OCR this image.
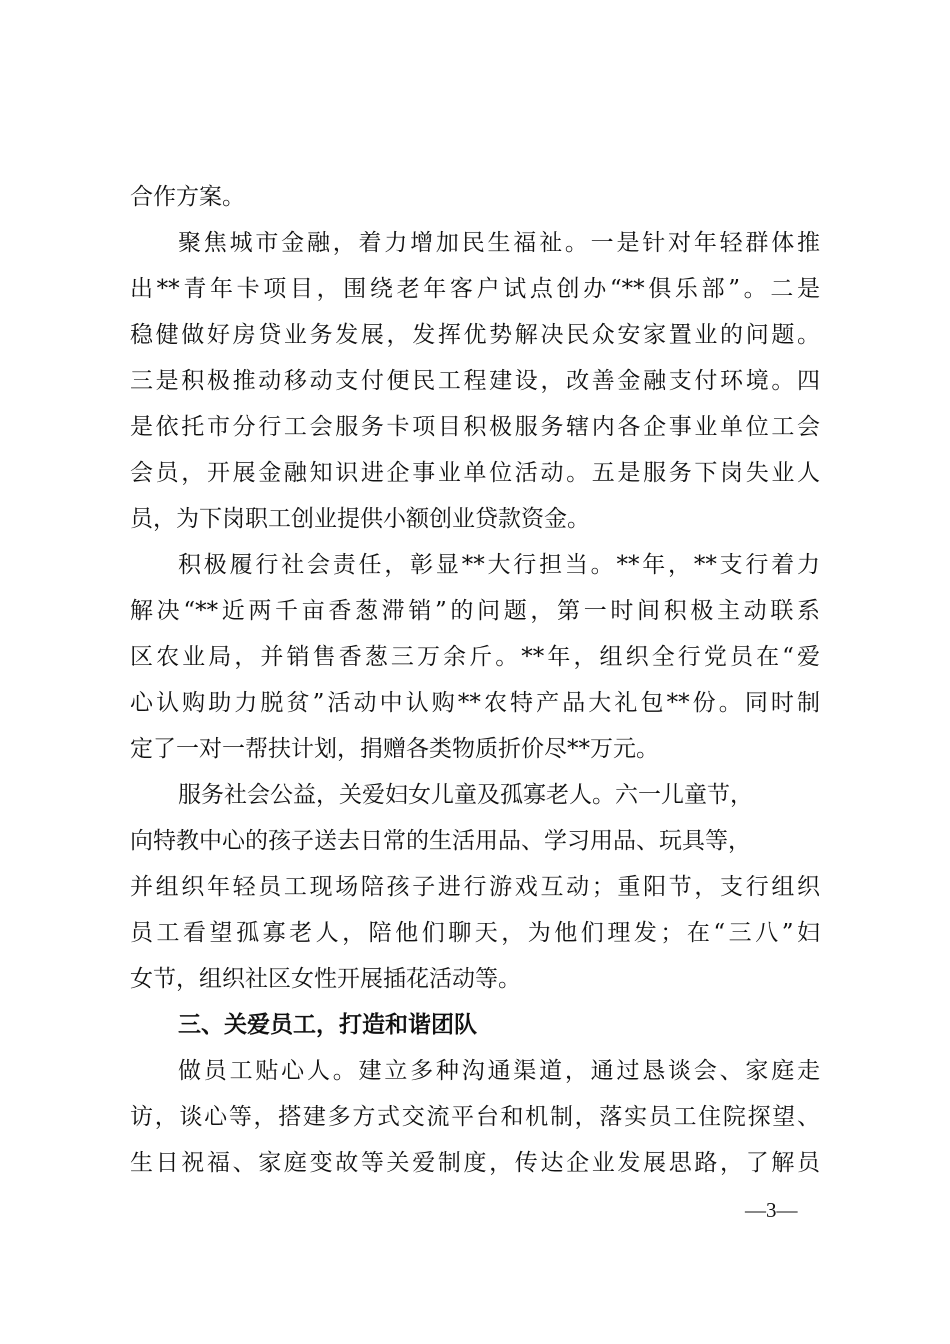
合作方案。
聚焦城市金融，着力增加民生福祉。一是针对年轻群体推
出**青年卡项目，围绕老年客户试点创办“**俱乐部”。二是
稳健做好房贷业务发展，发挥优势解决民众安家置业的问题。
三是积极推动移动支付便民工程建设，改善金融支付环境。四
是依托市分行工会服务卡项目积极服务辖内各企事业单位工会
会员，开展金融知识进企事业单位活动。五是服务下岗失业人
员，为下岗职工创业提供小额创业贷款资金。
积极履行社会责任，彰显**大行担当。**年，**支行着力
解决“**近两千亩香葱滞销”的问题，第一时间积极主动联系
区农业局，并销售香葱三万余斤。**年，组织全行党员在“爱
心认购助力脱贫”活动中认购**农特产品大礼包**份。同时制
定了一对一帮扶计划，捐赠各类物质折价尽**万元。
服务社会公益，关爱妇女儿童及孤寡老人。六一儿童节，
向特教中心的孩子送去日常的生活用品、学习用品、玩具等，
并组织年轻员工现场陪孩子进行游戏互动；重阳节，支行组织
员工看望孤寡老人，陪他们聊天，为他们理发；在“三八”妇
女节，组织社区女性开展插花活动等。
三、关爱员工，打造和谐团队
做员工贴心人。建立多种沟通渠道，通过恳谈会、家庭走
访，谈心等，搭建多方式交流平台和机制，落实员工住院探望、
生日祝福、家庭变故等关爱制度，传达企业发展思路，了解员
—3—
